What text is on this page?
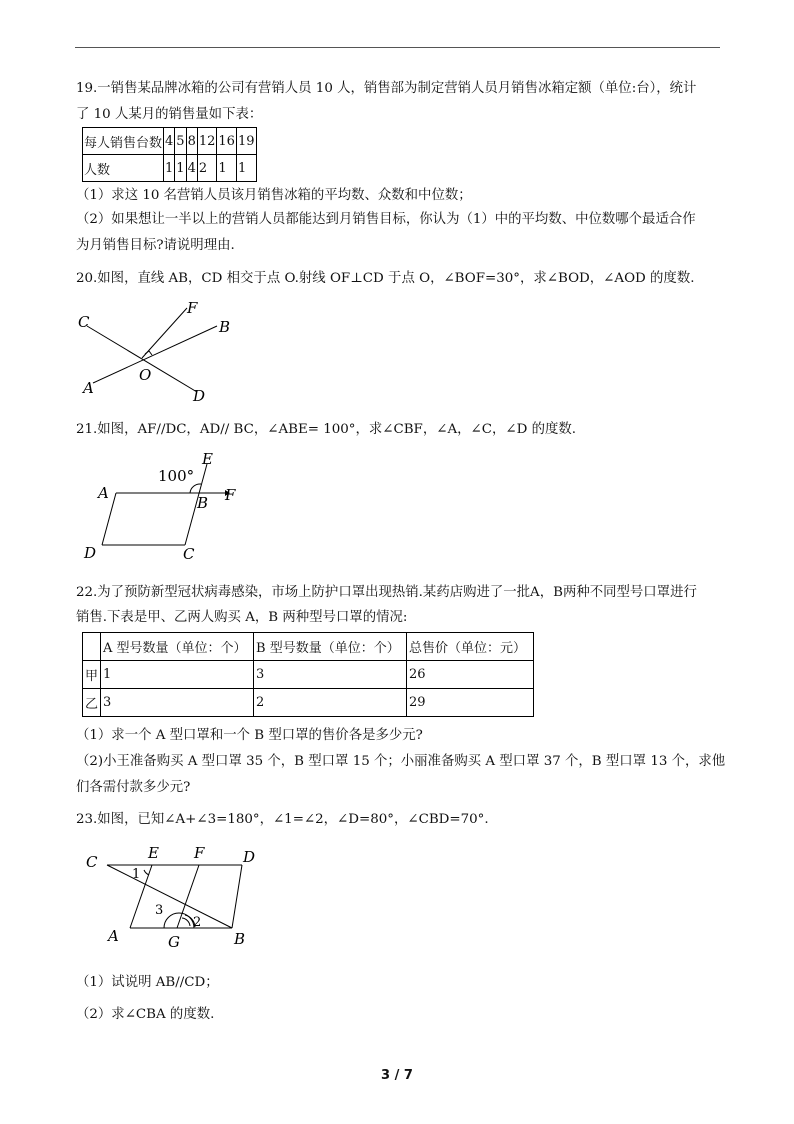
19.一销售某品牌冰箱的公司有营销人员 10 人，销售部为制定营销人员月销售冰箱定额（单位:台），统计
了 10 人某月的销售量如下表：
每人销售台数	4	5	8	12	16	19
人数	1	1	4	2	1	1
（1）求这 10 名营销人员该月销售冰箱的平均数、众数和中位数；
（2）如果想让一半以上的营销人员都能达到月销售目标，你认为（1）中的平均数、中位数哪个最适合作
为月销售目标?请说明理由.
20.如图，直线 AB，CD 相交于点 O.射线 OF⊥CD 于点 O，∠BOF=30°，求∠BOD，∠AOD 的度数.
C
F
B
O
A	D
21.如图，AF//DC，AD// BC，∠ABE= 100°，求∠CBF，∠A，∠C，∠D 的度数.
E
100°
A
B F
D	C
22.为了预防新型冠状病毒感染，市场上防护口罩出现热销.某药店购进了一批A，B两种不同型号口罩进行
销售.下表是甲、乙两人购买 A，B 两种型号口罩的情况:
	A 型号数量（单位：个）	B 型号数量（单位：个）	总售价（单位：元）
甲	1	3	26
乙	3	2	29
（1）求一个 A 型口罩和一个 B 型口罩的售价各是多少元?
（2)小王准备购买 A 型口罩 35 个，B 型口罩 15 个；小丽准备购买 A 型口罩 37 个，B 型口罩 13 个，求他
们各需付款多少元?
23.如图，已知∠A+∠3=180°，∠1=∠2，∠D=80°，∠CBD=70°.
C	E F	D
1
3
2
A	G	B
（1）试说明 AB//CD；
（2）求∠CBA 的度数.
3 / 7
